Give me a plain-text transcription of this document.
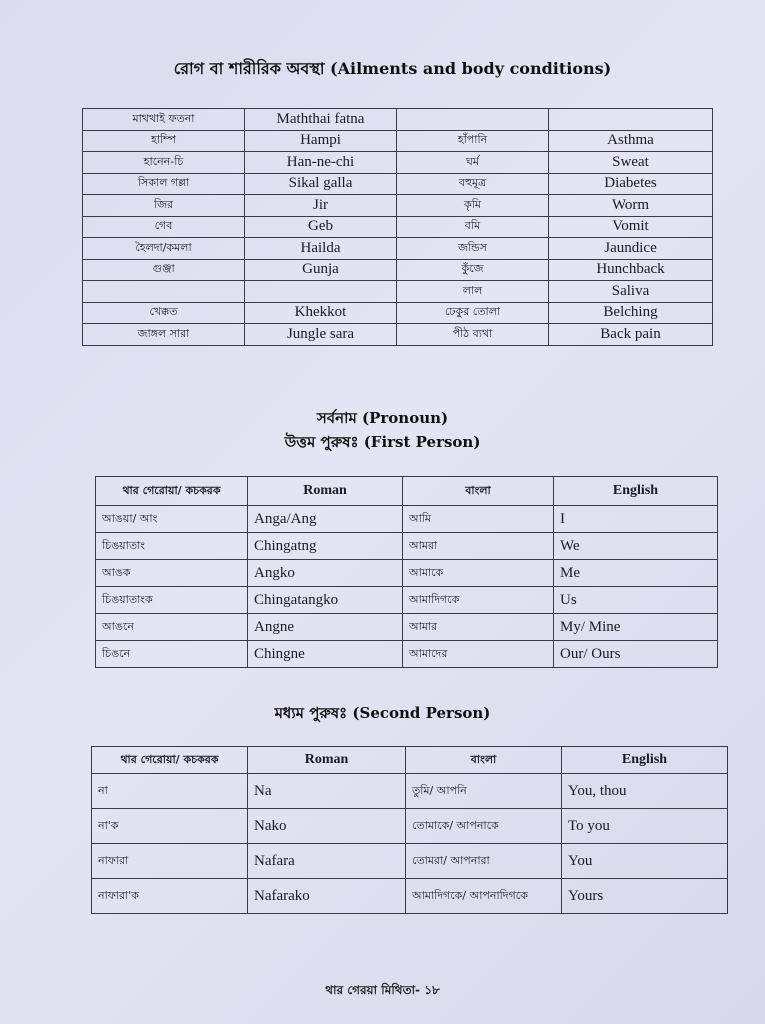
রোগ বা শারীরিক অবস্থা (Ailments and body conditions)
মাথথাই ফতনা	Maththai fatna		
হাম্পি	Hampi	হাঁপানি	Asthma
হানেন-চি	Han-ne-chi	ঘর্ম	Sweat
সিকাল গল্লা	Sikal galla	বহুমূত্র	Diabetes
জির	Jir	কৃমি	Worm
গেব	Geb	বমি	Vomit
হৈলদা/কমলা	Hailda	জন্ডিস	Jaundice
গুঞ্জা	Gunja	কুঁজে	Hunchback
		লাল	Saliva
খেক্কত	Khekkot	ঢেকুর তোলা	Belching
জাঙ্গল সারা	Jungle sara	পীঠ ব্যথা	Back pain
সর্বনাম (Pronoun)
উত্তম পুরুষঃ (First Person)
থার গেরোয়া/ কচকরক	Roman	বাংলা	English
আঙয়া/ আং	Anga/Ang	আমি	I
চিঙয়াতাং	Chingatng	আমরা	We
আঙক	Angko	আমাকে	Me
চিঙয়াতাংক	Chingatangko	আমাদিগকে	Us
আঙনে	Angne	আমার	My/ Mine
চিঙনে	Chingne	আমাদের	Our/ Ours
মধ্যম পুরুষঃ (Second Person)
থার গেরোয়া/ কচকরক	Roman	বাংলা	English
না	Na	তুমি/ আপনি	You, thou
না'ক	Nako	তোমাকে/ আপনাকে	To you
নাফারা	Nafara	তোমরা/ আপনারা	You
নাফারা'ক	Nafarako	আমাদিগকে/ আপনাদিগকে	Yours
থার গেরয়া মিথিতা- ১৮
